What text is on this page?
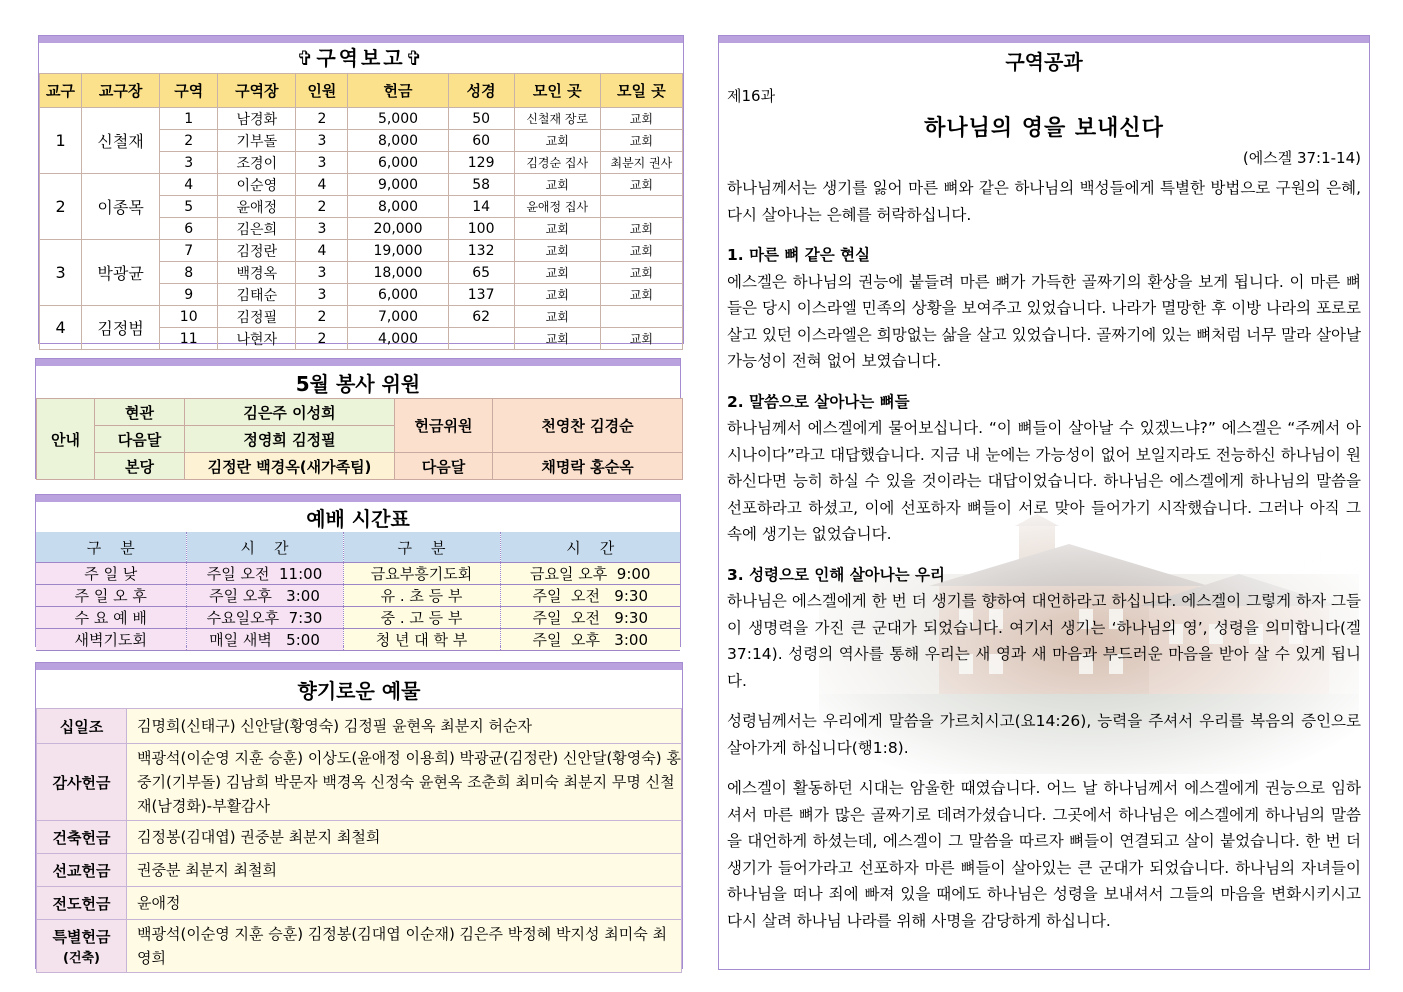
✞구역보고✞
교구	교구장	구역	구역장	인원	헌금	성경	모인 곳	모일 곳
1	신철재	1	남경화	2	5,000	50	신철재 장로	교회
		2	기부돌	3	8,000	60	교회	교회
		3	조경이	3	6,000	129	김경순 집사	최분지 권사
2	이종목	4	이순영	4	9,000	58	교회	교회
		5	윤애정	2	8,000	14	윤애정 집사	
		6	김은희	3	20,000	100	교회	교회
3	박광균	7	김정란	4	19,000	132	교회	교회
		8	백경옥	3	18,000	65	교회	교회
		9	김태순	3	6,000	137	교회	교회
4	김정범	10	김정필	2	7,000	62	교회	
		11	나현자	2	4,000		교회	교회
5월 봉사 위원
안내	현관	김은주 이성희	헌금위원	천영찬 김경순
	다음달	정영희 김정필		
	본당	김정란 백경옥(새가족팀)	다음달	채명락 홍순옥
예배 시간표
구    분	시    간	구    분	시    간
주 일 낮	주일 오전  11:00	금요부흥기도회	금요일 오후  9:00
주 일 오 후	주일 오후   3:00	유 . 초 등 부	주일  오전   9:30
수 요 예 배	수요일오후  7:30	중 . 고 등 부	주일  오전   9:30
새벽기도회	매일 새벽   5:00	청 년 대 학 부	주일  오후   3:00
향기로운 예물
십일조	김명희(신태구) 신안달(황영숙) 김정필 윤현옥 최분지 허순자

감사헌금	백광석(이순영 지훈 승훈) 이상도(윤애정 이용희) 박광균(김정란) 신안달(황영숙) 홍중기(기부돌) 김남희 박문자 백경옥 신정숙 윤현옥 조춘희 최미숙 최분지 무명 신철재(남경화)-부활감사

건축헌금	김정봉(김대엽) 권중분 최분지 최철희

선교헌금	권중분 최분지 최철희

전도헌금	윤애정

특별헌금
(건축)	백광석(이순영 지훈 승훈) 김정봉(김대엽 이순재) 김은주 박정혜 박지성 최미숙 최영희
구역공과
제16과
하나님의 영을 보내신다
(에스겔 37:1-14)

하나님께서는 생기를 잃어 마른 뼈와 같은 하나님의 백성들에게 특별한 방법으로 구원의 은혜, 다시 살아나는 은혜를 허락하십니다.

1. 마른 뼈 같은 현실

에스겔은 하나님의 권능에 붙들려 마른 뼈가 가득한 골짜기의 환상을 보게 됩니다. 이 마른 뼈들은 당시 이스라엘 민족의 상황을 보여주고 있었습니다. 나라가 멸망한 후 이방 나라의 포로로 살고 있던 이스라엘은 희망없는 삶을 살고 있었습니다. 골짜기에 있는 뼈처럼 너무 말라 살아날 가능성이 전혀 없어 보였습니다.

2. 말씀으로 살아나는 뼈들

하나님께서 에스겔에게 물어보십니다. “이 뼈들이 살아날 수 있겠느냐?” 에스겔은 “주께서 아시나이다”라고 대답했습니다. 지금 내 눈에는 가능성이 없어 보일지라도 전능하신 하나님이 원하신다면 능히 하실 수 있을 것이라는 대답이었습니다. 하나님은 에스겔에게 하나님의 말씀을 선포하라고 하셨고, 이에 선포하자 뼈들이 서로 맞아 들어가기 시작했습니다. 그러나 아직 그 속에 생기는 없었습니다.

3. 성령으로 인해 살아나는 우리

하나님은 에스겔에게 한 번 더 생기를 향하여 대언하라고 하십니다. 에스겔이 그렇게 하자 그들이 생명력을 가진 큰 군대가 되었습니다. 여기서 생기는 ‘하나님의 영’, 성령을 의미합니다(겔37:14). 성령의 역사를 통해 우리는 새 영과 새 마음과 부드러운 마음을 받아 살 수 있게 됩니다.

성령님께서는 우리에게 말씀을 가르치시고(요14:26), 능력을 주셔서 우리를 복음의 증인으로 살아가게 하십니다(행1:8).

에스겔이 활동하던 시대는 암울한 때였습니다. 어느 날 하나님께서 에스겔에게 권능으로 임하셔서 마른 뼈가 많은 골짜기로 데려가셨습니다. 그곳에서 하나님은 에스겔에게 하나님의 말씀을 대언하게 하셨는데, 에스겔이 그 말씀을 따르자 뼈들이 연결되고 살이 붙었습니다. 한 번 더 생기가 들어가라고 선포하자 마른 뼈들이 살아있는 큰 군대가 되었습니다. 하나님의 자녀들이 하나님을 떠나 죄에 빠져 있을 때에도 하나님은 성령을 보내셔서 그들의 마음을 변화시키시고 다시 살려 하나님 나라를 위해 사명을 감당하게 하십니다.
